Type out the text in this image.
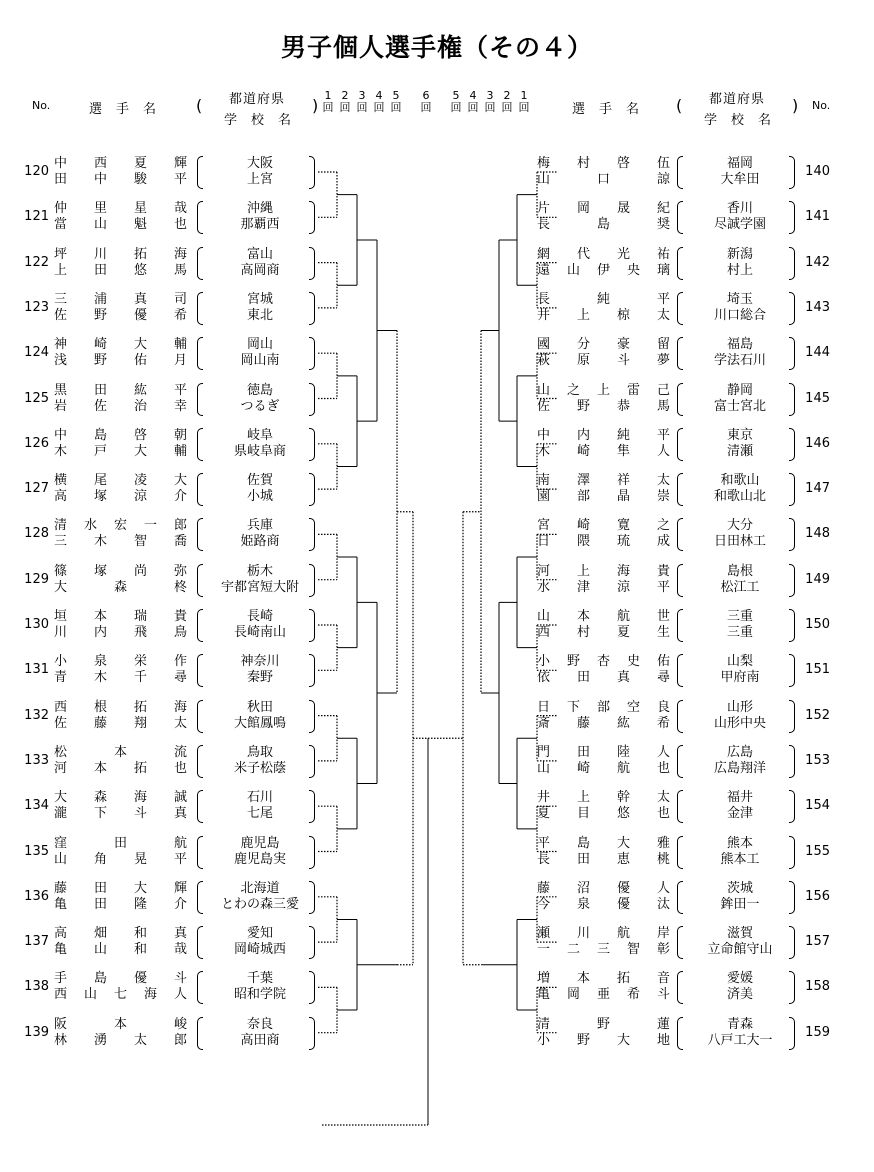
男子個人選手権（その４）
No.	選手名 ( 都道府県
学校名
)
1
回
2
回
3
回
4
回
5
回
6
回
5
回
4
回
3
回
2
回
1
回	選手名 ( 都道府県
学校名
) No.
120
中 西 夏 輝
田 中 駿 平
大阪
上宮
121
仲 里 星 哉
當 山 魁 也
沖縄
那覇西
122
坪 川 拓 海
上 田 悠 馬
富山
高岡商
123
三 浦 真 司
佐 野 優 希
宮城
東北
124
神 崎 大 輔
浅 野 佑 月
岡山
岡山南
125
黒 田 紘 平
岩 佐 治 幸
徳島
つるぎ
126
中 島 啓 朝
木 戸 大 輔
岐阜
県岐阜商
127
横 尾 凌 大
高 塚 涼 介
佐賀
小城
128
清 水 宏 一 郎
三 木 智 喬
兵庫
姫路商
129
篠 塚 尚 弥
大	森	柊
栃木
宇都宮短大附
130
垣 本 瑞 貴
川 内 飛 鳥
長崎
長崎南山
131
小 泉 栄 作
青 木 千 尋
神奈川
秦野
132
西 根 拓 海
佐 藤 翔 太
秋田
大館鳳鳴
133
松	本	流
河 本 拓 也
鳥取
米子松蔭
134
大 森 海 誠
瀧 下 斗 真
石川
七尾
135
窪	田	航
山 角 晃 平
鹿児島
鹿児島実
136
藤 田 大 輝
亀 田 隆 介
北海道
とわの森三愛
137
高 畑 和 真
亀 山 和 哉
愛知
岡崎城西
138
手 島 優 斗
西 山 七 海 人
千葉
昭和学院
139
阪	本	峻
林 湧 太 郎
奈良
高田商
梅 村 啓 伍
山	口	諒
福岡
大牟田
140
片 岡 晟 紀
長	島	奨
香川
尽誠学園
141
網 代 光 祐
遠 山 伊 央 璃
新潟
村上
142
長	純	平
井 上 椋 太
埼玉
川口総合
143
國 分 豪 留
萩 原 斗 夢
福島
学法石川
144
山 之 上 雷 己
佐 野 恭 馬
静岡
富士宮北
145
中 内 純 平
木 崎 隼 人
東京
清瀬
146
南 澤 祥 太
園 部 晶 崇
和歌山
和歌山北
147
宮 崎 寛 之
日 隈 琉 成
大分
日田林工
148
河 上 海 貴
水 津 涼 平
島根
松江工
149
山 本 航 世
西 村 夏 生
三重
三重
150
小 野 杏 史 佑
依 田 真 尋
山梨
甲府南
151
日 下 部 空 良
斎 藤 紘 希
山形
山形中央
152
門 田 陸 人
山 崎 航 也
広島
広島翔洋
153
井 上 幹 太
夏 目 悠 也
福井
金津
154
平 島 大 雅
長 田 恵 桃
熊本
熊本工
155
藤 沼 優 人
今 泉 優 汰
茨城
鉾田一
156
瀬 川 航 岸
一 二 三 智 彰
滋賀
立命館守山
157
増 本 拓 音
亀 岡 亜 希 斗
愛媛
済美
158
清	野	蓮
小 野 大 地
青森
八戸工大一
159
